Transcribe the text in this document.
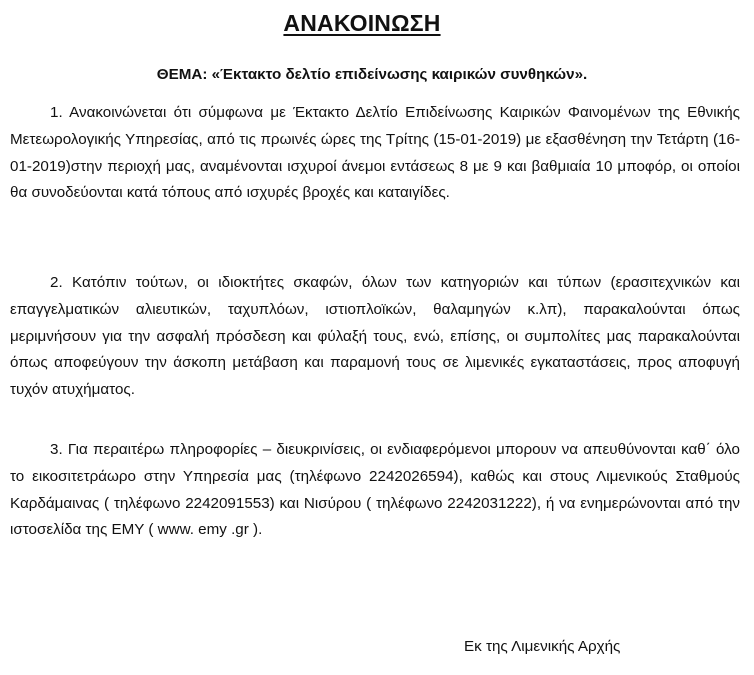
ΑΝΑΚΟΙΝΩΣΗ
ΘΕΜΑ: «Έκτακτο δελτίο επιδείνωσης καιρικών συνθηκών».

1. Ανακοινώνεται ότι σύμφωνα με Έκτακτο Δελτίο Επιδείνωσης Καιρικών Φαινομένων της Εθνικής Μετεωρολογικής Υπηρεσίας, από τις πρωινές ώρες της Τρίτης (15-01-2019) με εξασθένηση την Τετάρτη (16-01-2019)στην περιοχή μας, αναμένονται ισχυροί άνεμοι εντάσεως 8 με 9 και βαθμιαία 10 μποφόρ, οι οποίοι θα συνοδεύονται κατά τόπους από ισχυρές βροχές και καταιγίδες.

2. Κατόπιν τούτων, οι ιδιοκτήτες σκαφών, όλων των κατηγοριών και τύπων (ερασιτεχνικών και επαγγελματικών αλιευτικών, ταχυπλόων, ιστιοπλοϊκών, θαλαμηγών κ.λπ), παρακαλούνται όπως μεριμνήσουν για την ασφαλή πρόσδεση και φύλαξή τους, ενώ, επίσης, οι συμπολίτες μας παρακαλούνται όπως αποφεύγουν την άσκοπη μετάβαση και παραμονή τους σε λιμενικές εγκαταστάσεις, προς αποφυγή τυχόν ατυχήματος.

3. Για περαιτέρω πληροφορίες – διευκρινίσεις, οι ενδιαφερόμενοι μπορουν να απευθύνονται καθ΄ όλο το εικοσιτετράωρο στην Υπηρεσία μας (τηλέφωνο 2242026594), καθώς και στους Λιμενικούς Σταθμούς Καρδάμαινας ( τηλέφωνο 2242091553) και Νισύρου ( τηλέφωνο 2242031222), ή να ενημερώνονται από την ιστοσελίδα της ΕΜΥ ( www. emy .gr ).

Εκ της Λιμενικής Αρχής
